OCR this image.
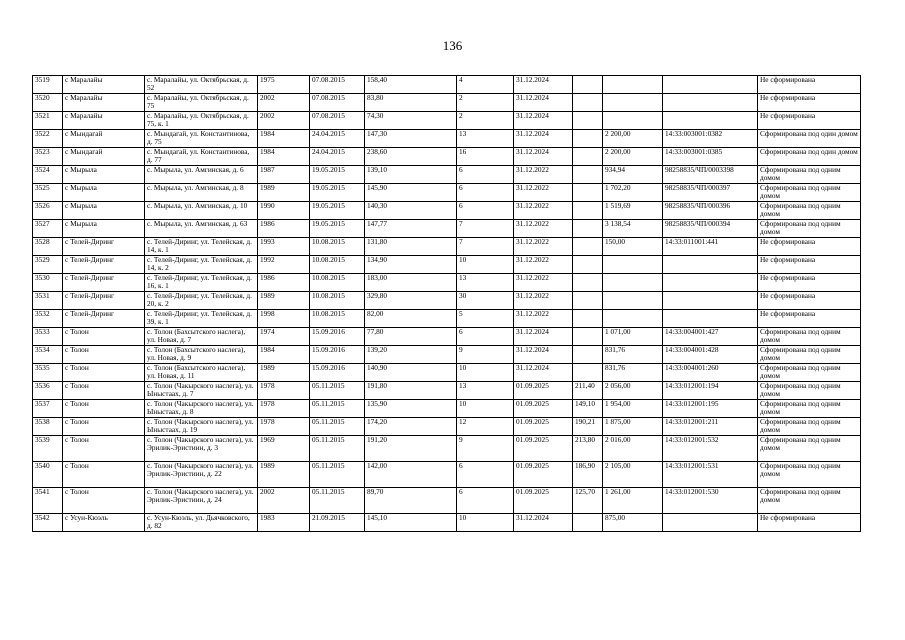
136
3519	с Маралайы	с. Маралайы, ул. Октябрьская, д. 52	1975	07.08.2015	158,40	4	31.12.2024				Не сформирована
3520	с Маралайы	с. Маралайы, ул. Октябрьская, д. 75	2002	07.08.2015	83,80	2	31.12.2024				Не сформирована
3521	с Маралайы	с. Маралайы, ул. Октябрьская, д. 75, к. 1	2002	07.08.2015	74,30	2	31.12.2024				Не сформирована
3522	с Мындагай	с. Мындагай, ул. Константинова, д. 75	1984	24.04.2015	147,30	13	31.12.2024		2 200,00	14:33:003001:0382	Сформирована под один домом
3523	с Мындагай	с. Мындагай, ул. Константинова, д. 77	1984	24.04.2015	238,60	16	31.12.2024		2 200,00	14:33:003001:0385	Сформирована под один домом
3524	с Мырыла	с. Мырыла, ул. Амгинская, д. 6	1987	19.05.2015	139,10	6	31.12.2022		934,94	98258835/ЧП/0003398	Сформирована под одним домом
3525	с Мырыла	с. Мырыла, ул. Амгинская, д. 8	1989	19.05.2015	145,90	6	31.12.2022		1 702,20	98258835/ЧП/000397	Сформирована под одним домом
3526	с Мырыла	с. Мырыла, ул. Амгинская, д. 10	1990	19.05.2015	140,30	6	31.12.2022		1 519,69	98258835/ЧП/000396	Сформирована под одним домом
3527	с Мырыла	с. Мырыла, ул. Амгинская, д. 63	1986	19.05.2015	147,77	7	31.12.2022		3 138,54	98258835/ЧП/000394	Сформирована под одним домом
3528	с Телей-Диринг	с. Телей-Диринг, ул. Телейская, д. 14, к. 1	1993	10.08.2015	131,80	7	31.12.2022		150,00	14:33:011001:441	Не сформирована
3529	с Телей-Диринг	с. Телей-Диринг, ул. Телейская, д. 14, к. 2	1992	10.08.2015	134,90	10	31.12.2022				Не сформирована
3530	с Телей-Диринг	с. Телей-Диринг, ул. Телейская, д. 16, к. 1	1986	10.08.2015	183,00	13	31.12.2022				Не сформирована
3531	с Телей-Диринг	с. Телей-Диринг, ул. Телейская, д. 20, к. 2	1989	10.08.2015	329,80	30	31.12.2022				Не сформирована
3532	с Телей-Диринг	с. Телей-Диринг, ул. Телейская, д. 39, к. 1	1998	10.08.2015	82,00	5	31.12.2022				Не сформирована
3533	с Толон	с. Толон (Бахсытского наслега), ул. Новая, д. 7	1974	15.09.2016	77,80	6	31.12.2024		1 071,00	14:33:004001:427	Сформирована под одним домом
3534	с Толон	с. Толон (Бахсытского наслега), ул. Новая, д. 9	1984	15.09.2016	139,20	9	31.12.2024		831,76	14:33:004001:428	Сформирована под одним домом
3535	с Толон	с. Толон (Бахсытского наслега), ул. Новая, д. 11	1989	15.09.2016	140,90	10	31.12.2024		831,76	14:33:004001:260	Сформирована под одним домом
3536	с Толон	с. Толон (Чакырского наслега), ул. Ыныстаах, д. 7	1978	05.11.2015	191,80	13	01.09.2025	211,40	2 056,00	14:33:012001:194	Сформирована под одним домом
3537	с Толон	с. Толон (Чакырского наслега), ул. Ыныстаах, д. 8	1978	05.11.2015	135,90	10	01.09.2025	149,10	1 954,00	14:33:012001:195	Сформирована под одним домом
3538	с Толон	с. Толон (Чакырского наслега), ул. Ыныстаах, д. 19	1978	05.11.2015	174,20	12	01.09.2025	190,21	1 875,00	14:33:012001:211	Сформирована под одним домом
3539	с Толон	с. Толон (Чакырского наслега), ул. Эрилик-Эристиин, д. 3	1969	05.11.2015	191,20	9	01.09.2025	213,80	2 016,00	14:33:012001:532	Сформирована под одним домом
3540	с Толон	с. Толон (Чакырского наслега), ул. Эрилик-Эристиин, д. 22	1989	05.11.2015	142,00	6	01.09.2025	186,90	2 105,00	14:33:012001:531	Сформирована под одним домом
3541	с Толон	с. Толон (Чакырского наслега), ул. Эрилик-Эристиин, д. 24	2002	05.11.2015	89,70	6	01.09.2025	125,70	1 261,00	14:33:012001:530	Сформирована под одним домом
3542	с Усун-Кюэль	с. Усун-Кюэль, ул. Дьячковского, д. 82	1983	21.09.2015	145,10	10	31.12.2024		875,00		Не сформирована
